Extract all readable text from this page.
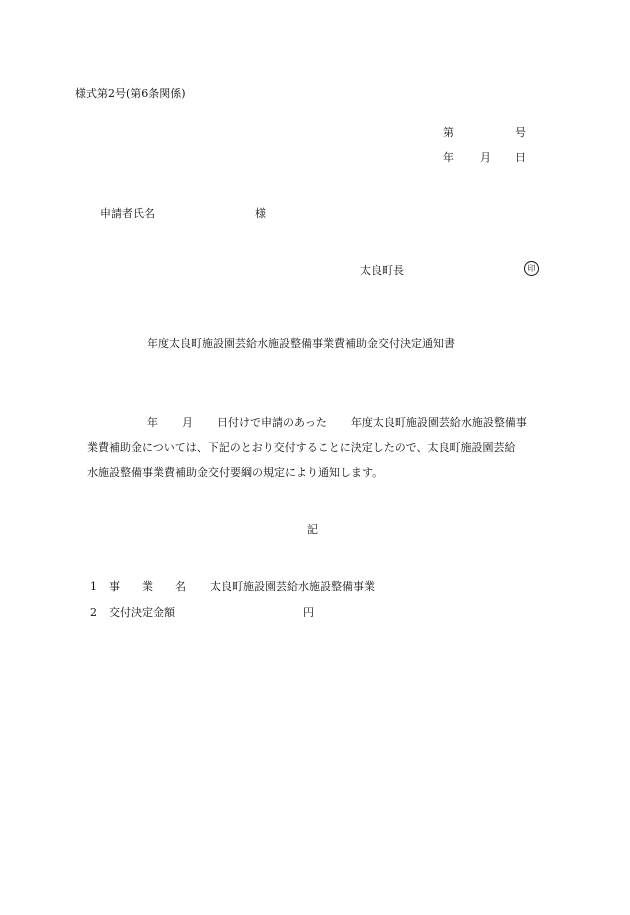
様式第2号(第6条関係)
第	号
年 月 日
申請者氏名	様
太良町長	印
年度太良町施設園芸給水施設整備事業費補助金交付決定通知書
年 月 日付けで申請のあった 年度太良町施設園芸給水施設整備事
業費補助金については、下記のとおり交付することに決定したので、太良町施設園芸給
水施設整備事業費補助金交付要綱の規定により通知します。
記
1 事　　業　　名 太良町施設園芸給水施設整備事業
2 交付決定金額	円
